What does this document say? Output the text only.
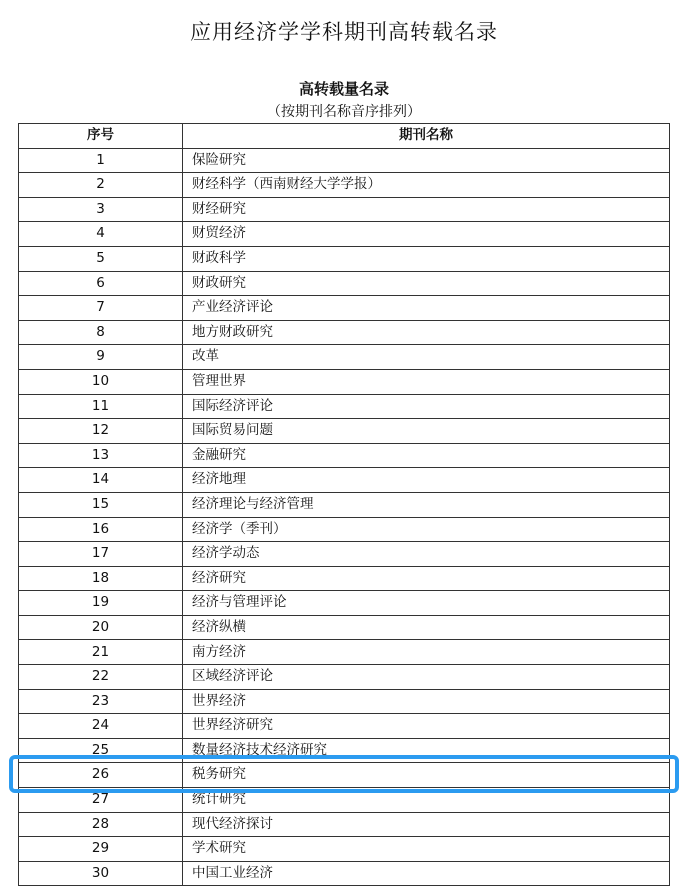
应用经济学学科期刊高转载名录
高转载量名录
（按期刊名称音序排列）
序号	期刊名称
1	保险研究
2	财经科学（西南财经大学学报）
3	财经研究
4	财贸经济
5	财政科学
6	财政研究
7	产业经济评论
8	地方财政研究
9	改革
10	管理世界
11	国际经济评论
12	国际贸易问题
13	金融研究
14	经济地理
15	经济理论与经济管理
16	经济学（季刊）
17	经济学动态
18	经济研究
19	经济与管理评论
20	经济纵横
21	南方经济
22	区域经济评论
23	世界经济
24	世界经济研究
25	数量经济技术经济研究
26	税务研究
27	统计研究
28	现代经济探讨
29	学术研究
30	中国工业经济
